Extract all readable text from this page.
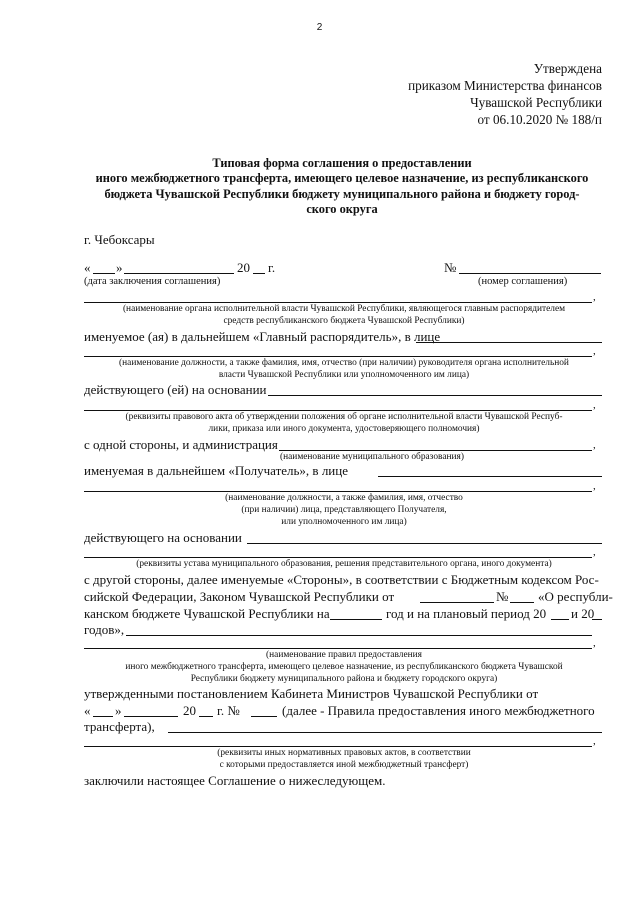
2
Утверждена
приказом Министерства финансов
Чувашской Республики
от 06.10.2020 № 188/п
Типовая форма соглашения о предоставлении
иного межбюджетного трансферта, имеющего целевое назначение, из республиканского
бюджета Чувашской Республики бюджету муниципального района и бюджету город-
ского округа
г. Чебоксары
« »	20 г.	№
(дата заключения соглашения)	(номер соглашения)
,
(наименование органа исполнительной власти Чувашской Республики, являющегося главным распорядителем
средств республиканского бюджета Чувашской Республики)
именуемое (ая) в дальнейшем «Главный распорядитель», в лице
,
(наименование должности, а также фамилия, имя, отчество (при наличии) руководителя органа исполнительной
власти Чувашской Республики или уполномоченного им лица)
действующего (ей) на основании
,
(реквизиты правового акта об утверждении положения об органе исполнительной власти Чувашской Респуб-
лики, приказа или иного документа, удостоверяющего полномочия)
с одной стороны, и администрация	,
(наименование муниципального образования)
именуемая в дальнейшем «Получатель», в лице
,
(наименование должности, а также фамилия, имя, отчество
(при наличии) лица, представляющего Получателя,
или уполномоченного им лица)
действующего на основании
,
(реквизиты устава муниципального образования, решения представительного органа, иного документа)
с другой стороны, далее именуемые «Стороны», в соответствии с Бюджетным кодексом Рос-
сийской Федерации, Законом Чувашской Республики от	№ «О республи-
канском бюджете Чувашской Республики на	год и на плановый период 20 и 20
годов»,
,
(наименование правил предоставления
иного межбюджетного трансферта, имеющего целевое назначение, из республиканского бюджета Чувашской
Республики бюджету муниципального района и бюджету городского округа)
утвержденными постановлением Кабинета Министров Чувашской Республики от
« »	20 г. №	(далее - Правила предоставления иного межбюджетного
трансферта),
,
(реквизиты иных нормативных правовых актов, в соответствии
с которыми предоставляется иной межбюджетный трансферт)
заключили настоящее Соглашение о нижеследующем.
